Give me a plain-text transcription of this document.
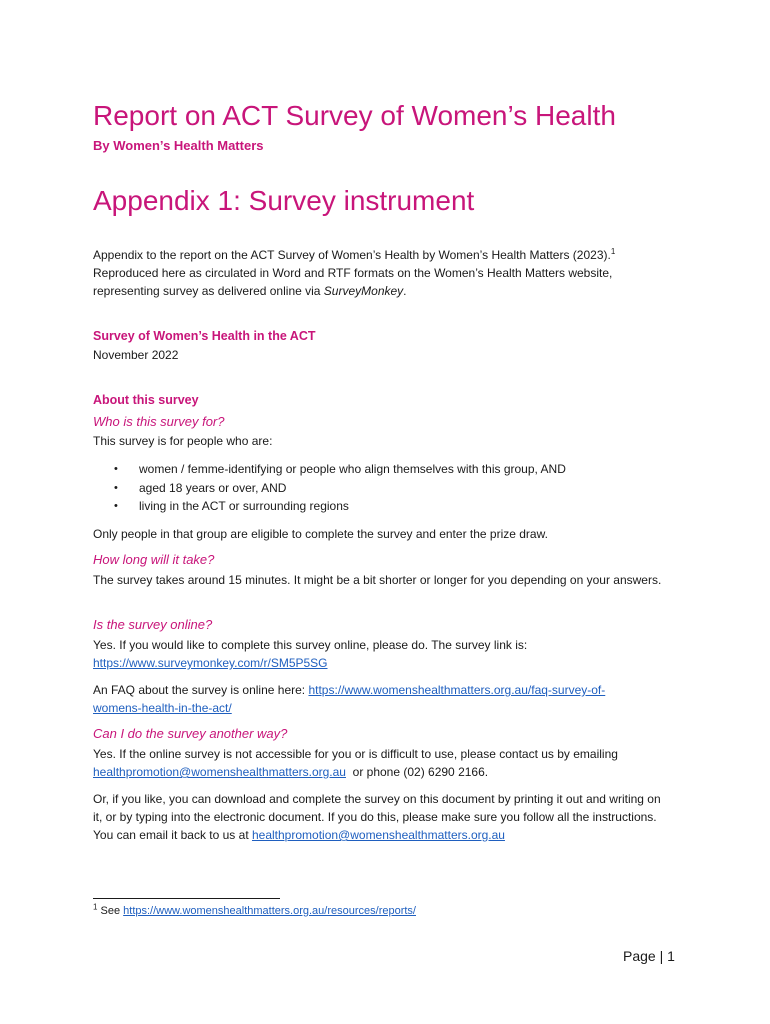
Report on ACT Survey of Women’s Health

By Women’s Health Matters

Appendix 1: Survey instrument
Appendix to the report on the ACT Survey of Women’s Health by Women’s Health Matters (2023).$^1$
Reproduced here as circulated in Word and RTF formats on the Women’s Health Matters website,
representing survey as delivered online via SurveyMonkey.

Survey of Women’s Health in the ACT

November 2022

About this survey

Who is this survey for?

This survey is for people who are:

• women / femme-identifying or people who align themselves with this group, AND
• aged 18 years or over, AND
• living in the ACT or surrounding regions

Only people in that group are eligible to complete the survey and enter the prize draw.

How long will it take?

The survey takes around 15 minutes. It might be a bit shorter or longer for you depending on your answers.

Is the survey online?

Yes. If you would like to complete this survey online, please do. The survey link is:

https://www.surveymonkey.com/r/SM5P5SG

An FAQ about the survey is online here: https://www.womenshealthmatters.org.au/faq-survey-of-
womens-health-in-the-act/

Can I do the survey another way?

Yes. If the online survey is not accessible for you or is difficult to use, please contact us by emailing
healthpromotion@womenshealthmatters.org.au  or phone (02) 6290 2166.

Or, if you like, you can download and complete the survey on this document by printing it out and writing on it, or by typing into the electronic document. If you do this, please make sure you follow all the instructions. You can email it back to us at healthpromotion@womenshealthmatters.org.au

$^1$ See https://www.womenshealthmatters.org.au/resources/reports/

Page | 1
